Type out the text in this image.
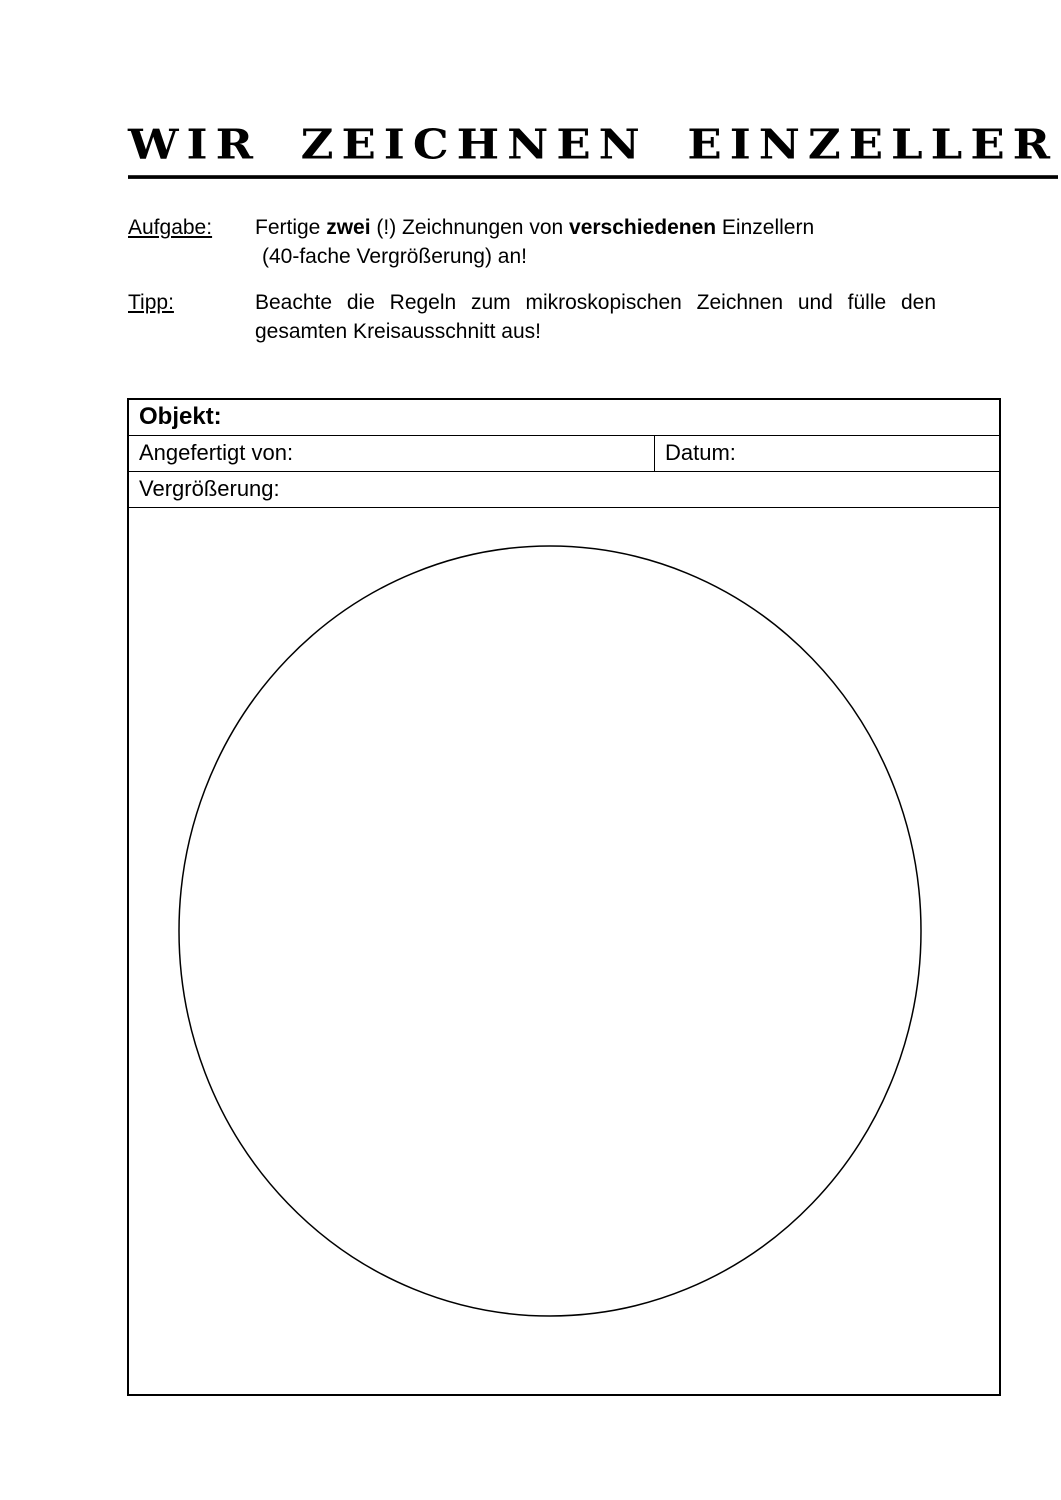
WIR ZEICHNEN EINZELLER
Aufgabe:	Fertige zwei (!) Zeichnungen von verschiedenen Einzellern
(40-fache Vergrößerung) an!
Tipp:	Beachte die Regeln zum mikroskopischen Zeichnen und fülle den gesamten Kreisausschnitt aus!
Objekt:
Angefertigt von:	Datum:
Vergrößerung:
